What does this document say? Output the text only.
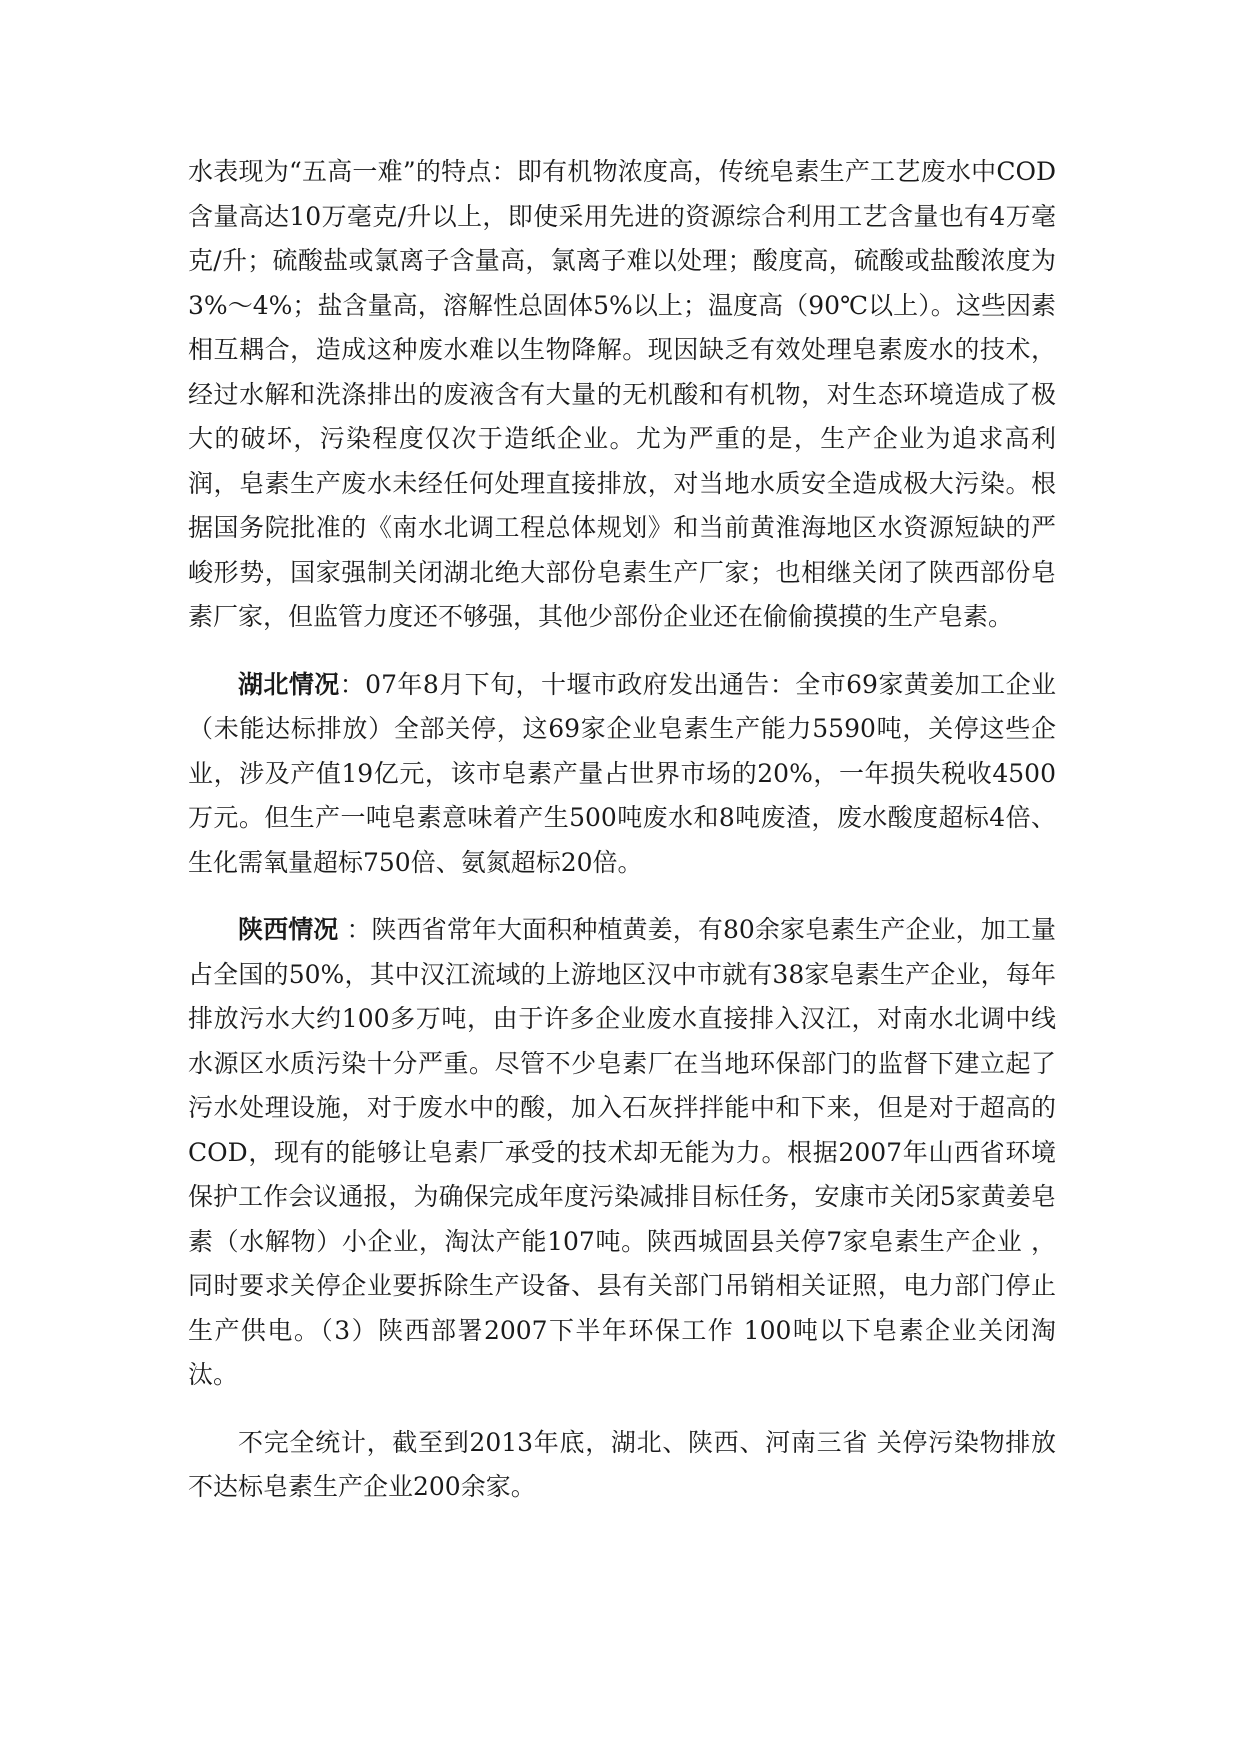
水表现为“五高一难”的特点：即有机物浓度高，传统皂素生产工艺废水中COD含量高达10万毫克/升以上，即使采用先进的资源综合利用工艺含量也有4万毫克/升；硫酸盐或氯离子含量高，氯离子难以处理；酸度高，硫酸或盐酸浓度为3%～4%；盐含量高，溶解性总固体5%以上；温度高（90℃以上）。这些因素相互耦合，造成这种废水难以生物降解。现因缺乏有效处理皂素废水的技术，经过水解和洗涤排出的废液含有大量的无机酸和有机物，对生态环境造成了极大的破坏，污染程度仅次于造纸企业。尤为严重的是，生产企业为追求高利润，皂素生产废水未经任何处理直接排放，对当地水质安全造成极大污染。根据国务院批准的《南水北调工程总体规划》和当前黄淮海地区水资源短缺的严峻形势，国家强制关闭湖北绝大部份皂素生产厂家；也相继关闭了陕西部份皂素厂家，但监管力度还不够强，其他少部份企业还在偷偷摸摸的生产皂素。

湖北情况：07年8月下旬，十堰市政府发出通告：全市69家黄姜加工企业（未能达标排放）全部关停，这69家企业皂素生产能力5590吨，关停这些企业，涉及产值19亿元，该市皂素产量占世界市场的20%，一年损失税收4500万元。但生产一吨皂素意味着产生500吨废水和8吨废渣，废水酸度超标4倍、生化需氧量超标750倍、氨氮超标20倍。

陕西情况 ：陕西省常年大面积种植黄姜，有80余家皂素生产企业，加工量占全国的50%，其中汉江流域的上游地区汉中市就有38家皂素生产企业，每年排放污水大约100多万吨，由于许多企业废水直接排入汉江，对南水北调中线水源区水质污染十分严重。尽管不少皂素厂在当地环保部门的监督下建立起了污水处理设施，对于废水中的酸，加入石灰拌拌能中和下来，但是对于超高的COD，现有的能够让皂素厂承受的技术却无能为力。根据2007年山西省环境保护工作会议通报，为确保完成年度污染减排目标任务，安康市关闭5家黄姜皂素（水解物）小企业，淘汰产能107吨。陕西城固县关停7家皂素生产企业 ，同时要求关停企业要拆除生产设备、县有关部门吊销相关证照，电力部门停止生产供电。（3）陕西部署2007下半年环保工作 100吨以下皂素企业关闭淘汰。

不完全统计，截至到2013年底，湖北、陕西、河南三省 关停污染物排放不达标皂素生产企业200余家。
